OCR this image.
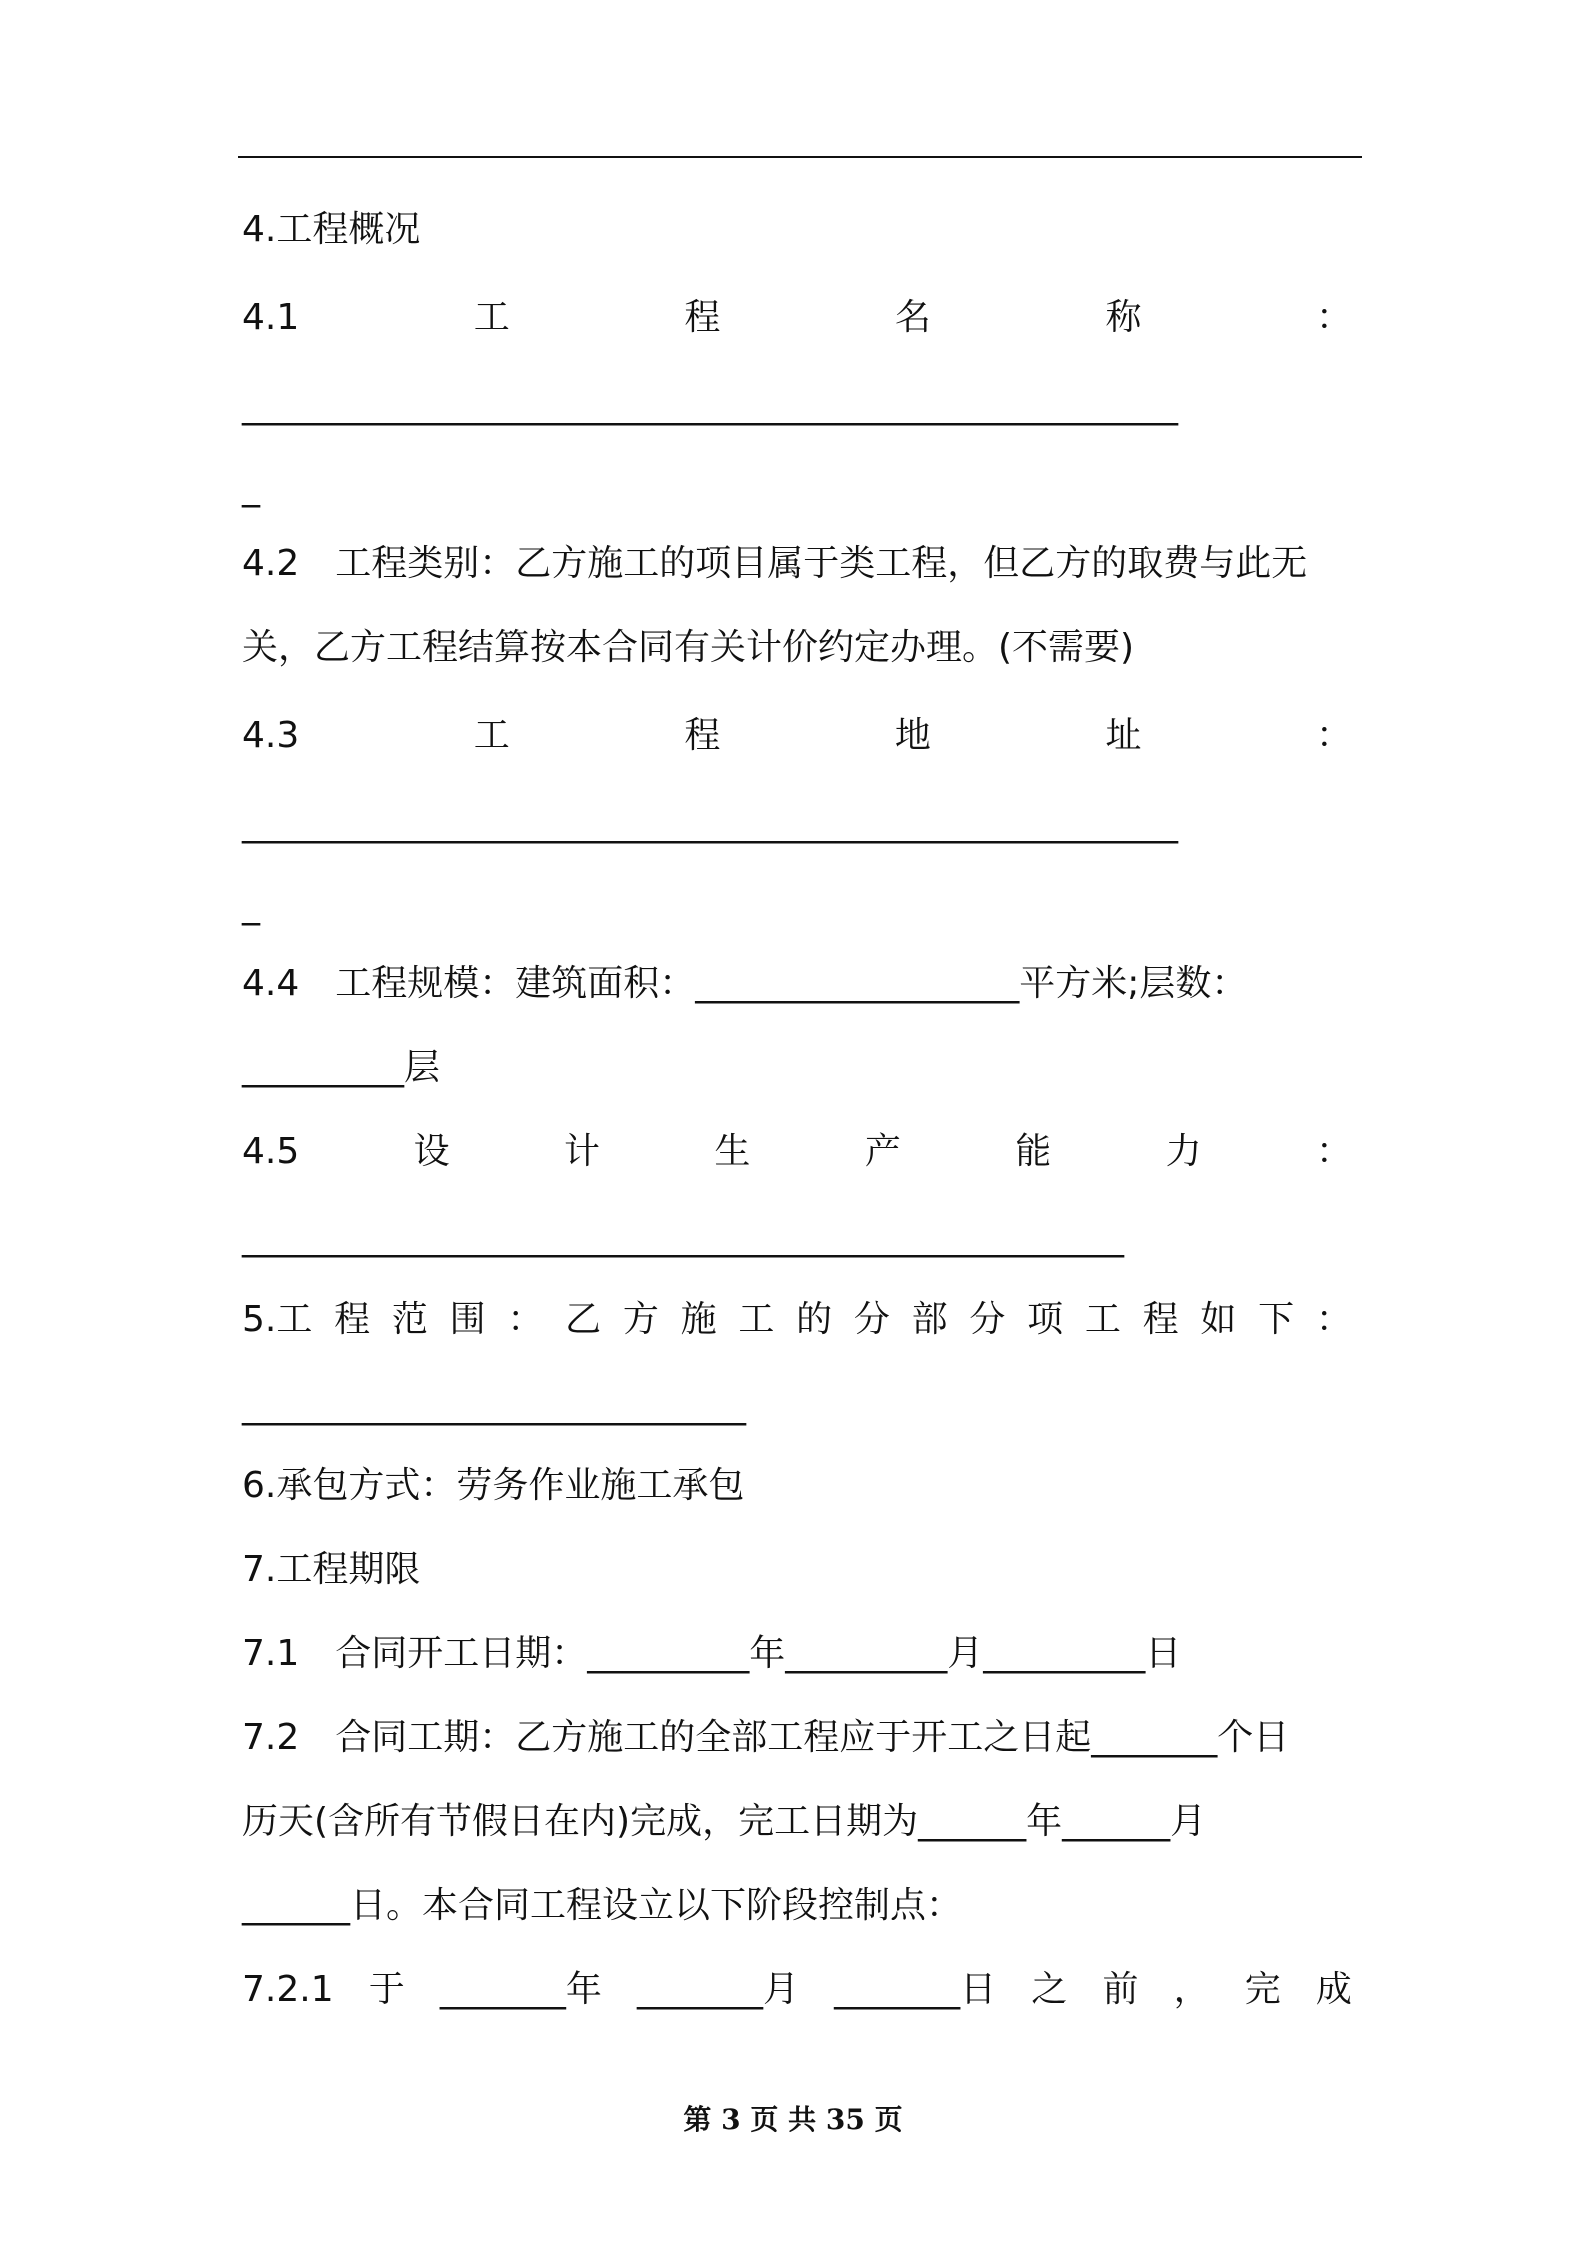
4.工程概况
4.1	工	程	名	称	：
____________________________________________________
_
4.2　工程类别：乙方施工的项目属于类工程，但乙方的取费与此无
关，乙方工程结算按本合同有关计价约定办理。(不需要)
4.3	工	程	地	址	：
____________________________________________________
_
4.4　工程规模：建筑面积：__________________平方米;层数：
_________层
4.5	设	计	生	产	能	力	：
_________________________________________________
5.工 程 范 围 ： 乙 方 施 工 的 分 部 分 项 工 程 如 下 ：
____________________________
6.承包方式：劳务作业施工承包
7.工程期限
7.1　合同开工日期：_________年_________月_________日
7.2　合同工期：乙方施工的全部工程应于开工之日起_______个日
历天(含所有节假日在内)完成，完工日期为______年______月
______日。本合同工程设立以下阶段控制点：
7.2.1 于 _______年 _______月 _______日 之 前 ， 完 成
第 3 页 共 35 页
